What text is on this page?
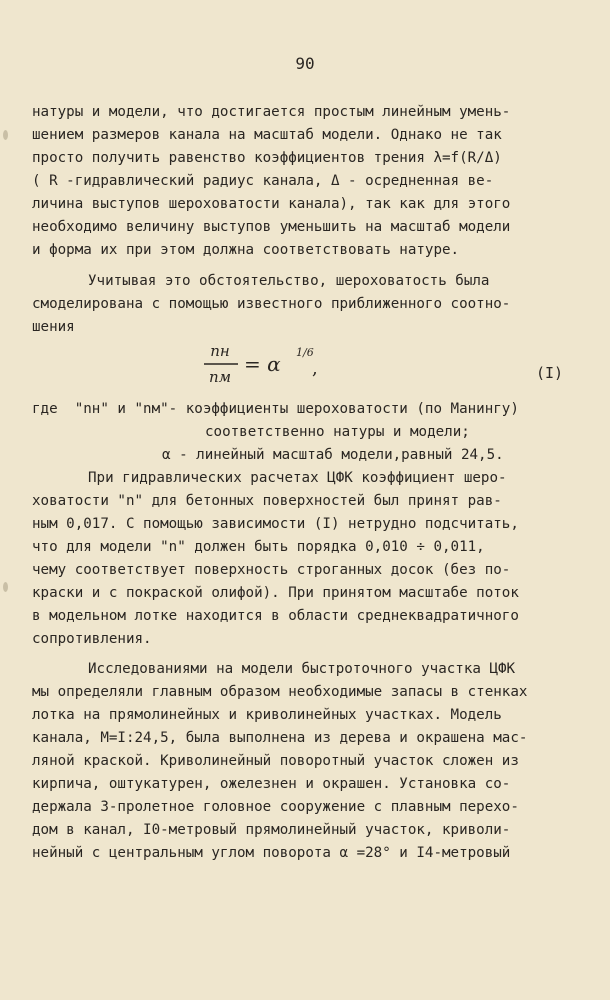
90
натуры и модели, что достигается простым линейным умень-
шением размеров канала на масштаб модели. Однако не так
просто получить равенство коэффициентов трения λ=f(R/Δ)
( R -гидравлический радиус канала, Δ - осредненная ве-
личина выступов шероховатости канала), так как для этого
необходимо величину выступов уменьшить на масштаб модели
и форма их при этом должна соответствовать натуре.
Учитывая это обстоятельство, шероховатость была
смоделирована с помощью известного приближенного соотно-
шения
nн
nм
= α 1/6
,	(I)
где  "nн" и "nм"- коэффициенты шероховатости (по Манингу)
соответственно натуры и модели;
α - линейный масштаб модели,равный 24,5.
При гидравлических расчетах ЦФК коэффициент шеро-
ховатости "n" для бетонных поверхностей был принят рав-
ным 0,017. С помощью зависимости (I) нетрудно подсчитать,
что для модели "n" должен быть порядка 0,010 ÷ 0,011,
чему соответствует поверхность строганных досок (без по-
краски и с покраской олифой). При принятом масштабе поток
в модельном лотке находится в области среднеквадратичного
сопротивления.
Исследованиями на модели быстроточного участка ЦФК
мы определяли главным образом необходимые запасы в стенках
лотка на прямолинейных и криволинейных участках. Модель
канала, М=I:24,5, была выполнена из дерева и окрашена мас-
ляной краской. Криволинейный поворотный участок сложен из
кирпича, оштукатурен, ожелезнен и окрашен. Установка со-
держала 3-пролетное головное сооружение с плавным перехо-
дом в канал, I0-метровый прямолинейный участок, криволи-
нейный с центральным углом поворота α =28° и I4-метровый
